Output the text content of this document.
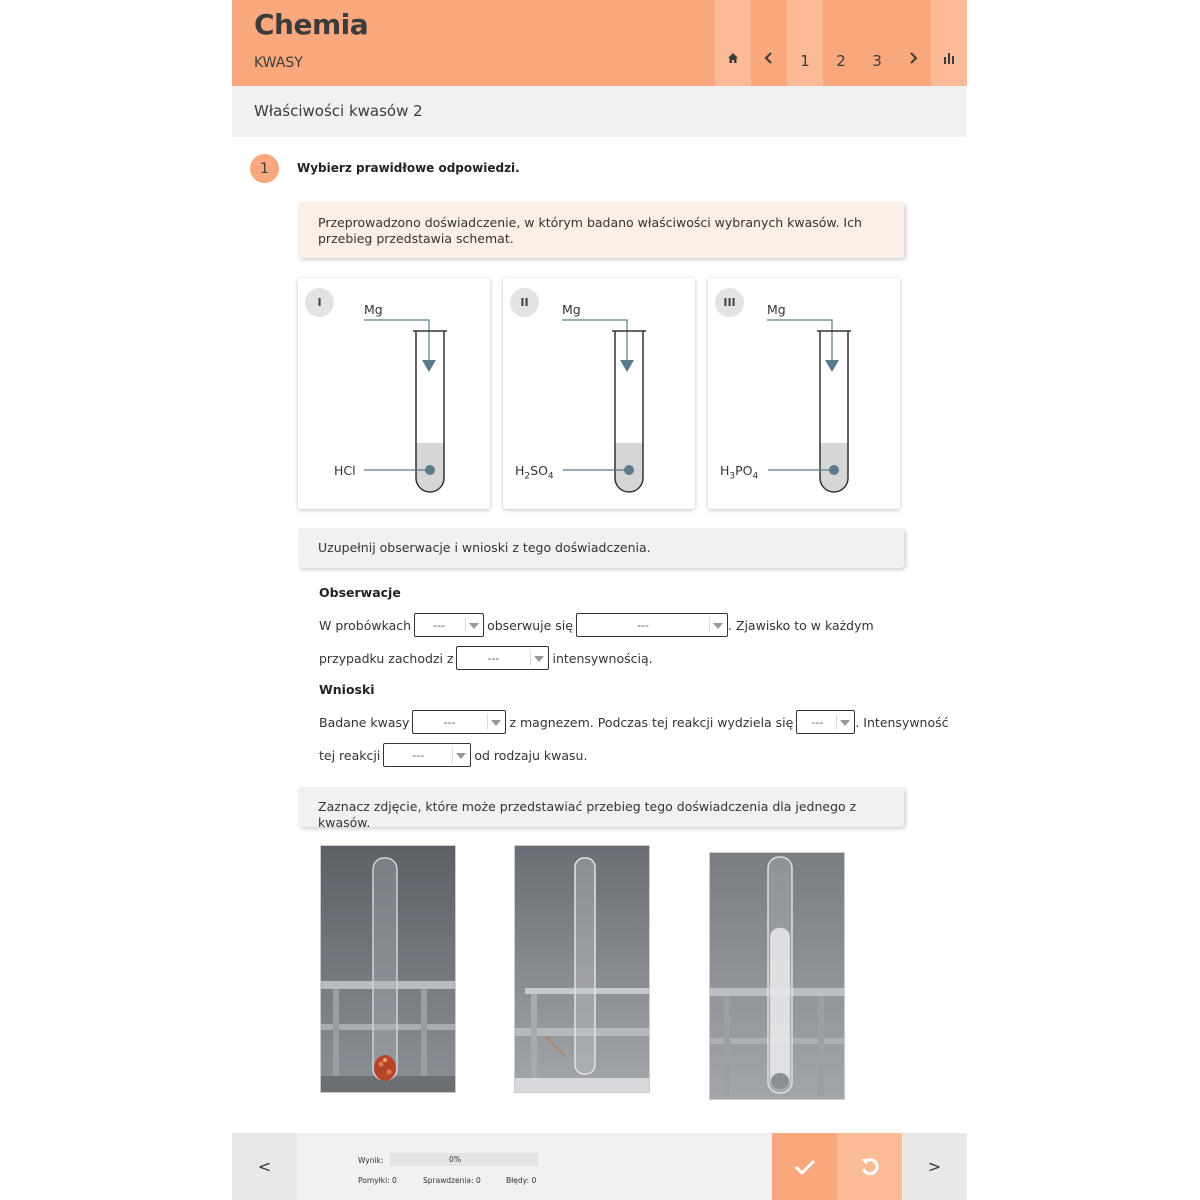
Chemia
KWASY	1	2	3
Właściwości kwasów 2
1	Wybierz prawidłowe odpowiedzi.
Przeprowadzono doświadczenie, w którym badano właściwości wybranych kwasów. Ich przebieg przedstawia schemat.
I	Mg
HCl
II	Mg
$H_2SO_4$
III	Mg
$H_3PO_4$
Uzupełnij obserwacje i wnioski z tego doświadczenia.
Obserwacje
W probówkach ---	obserwuje się	---	. Zjawisko to w każdym
przypadku zachodzi z	---	intensywnością.
Wnioski
Badane kwasy	---	z magnezem. Podczas tej reakcji wydziela się ---	. Intensywność
tej reakcji	---	od rodzaju kwasu.
Zaznacz zdjęcie, które może przedstawiać przebieg tego doświadczenia dla jednego z kwasów.
<	Wynik:	0%
Pomyłki: 0	Sprawdzenia: 0	Błędy: 0
>
